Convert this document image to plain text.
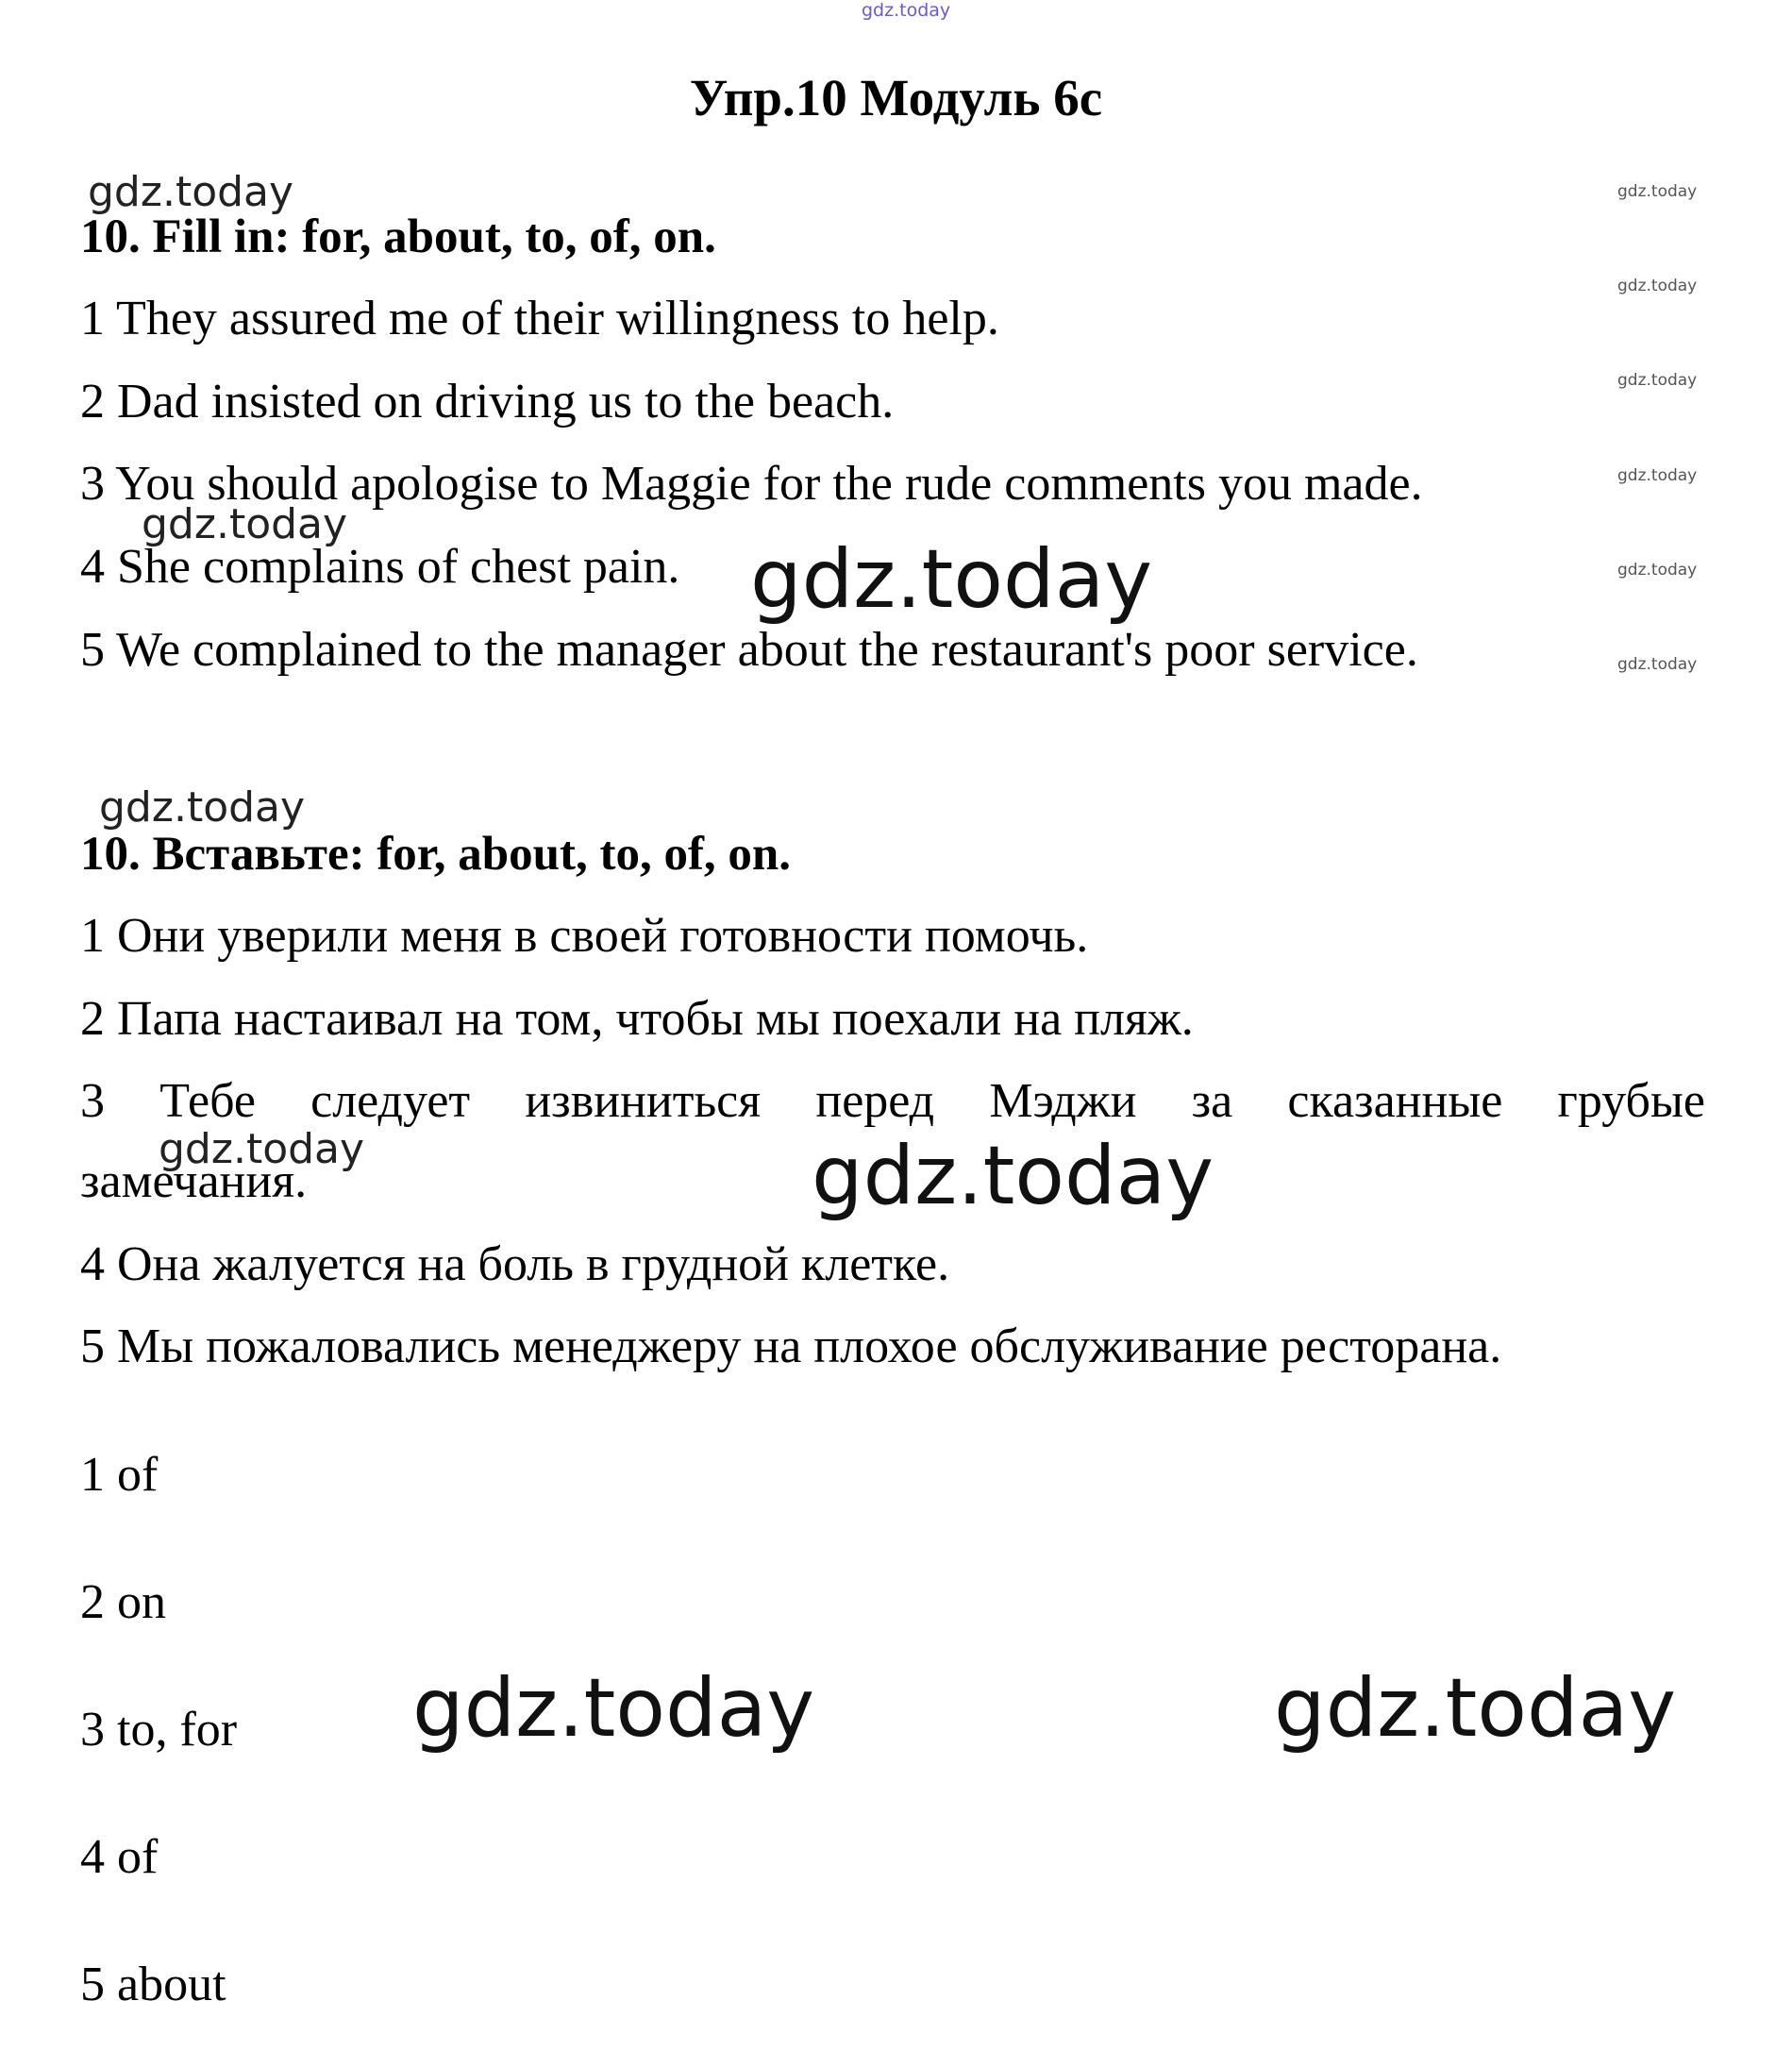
gdz.today
gdz.today	gdz.today
gdz.today
gdz.today
gdz.today
gdz.today
gdz.today
gdz.today
gdz.today
gdz.today
gdz.today	gdz.today
gdz.today	gdz.today
Упр.10 Модуль 6с
10. Fill in: for, about, to, of, on.
1 They assured me of their willingness to help.
2 Dad insisted on driving us to the beach.
3 You should apologise to Maggie for the rude comments you made.
4 She complains of chest pain.
5 We complained to the manager about the restaurant's poor service.
10. Вставьте: for, about, to, of, on.
1 Они уверили меня в своей готовности помочь.
2 Папа настаивал на том, чтобы мы поехали на пляж.
3 Тебе следует извиниться перед Мэджи за сказанные грубые
замечания.
4 Она жалуется на боль в грудной клетке.
5 Мы пожаловались менеджеру на плохое обслуживание ресторана.
1 of
2 on
3 to, for
4 of
5 about
